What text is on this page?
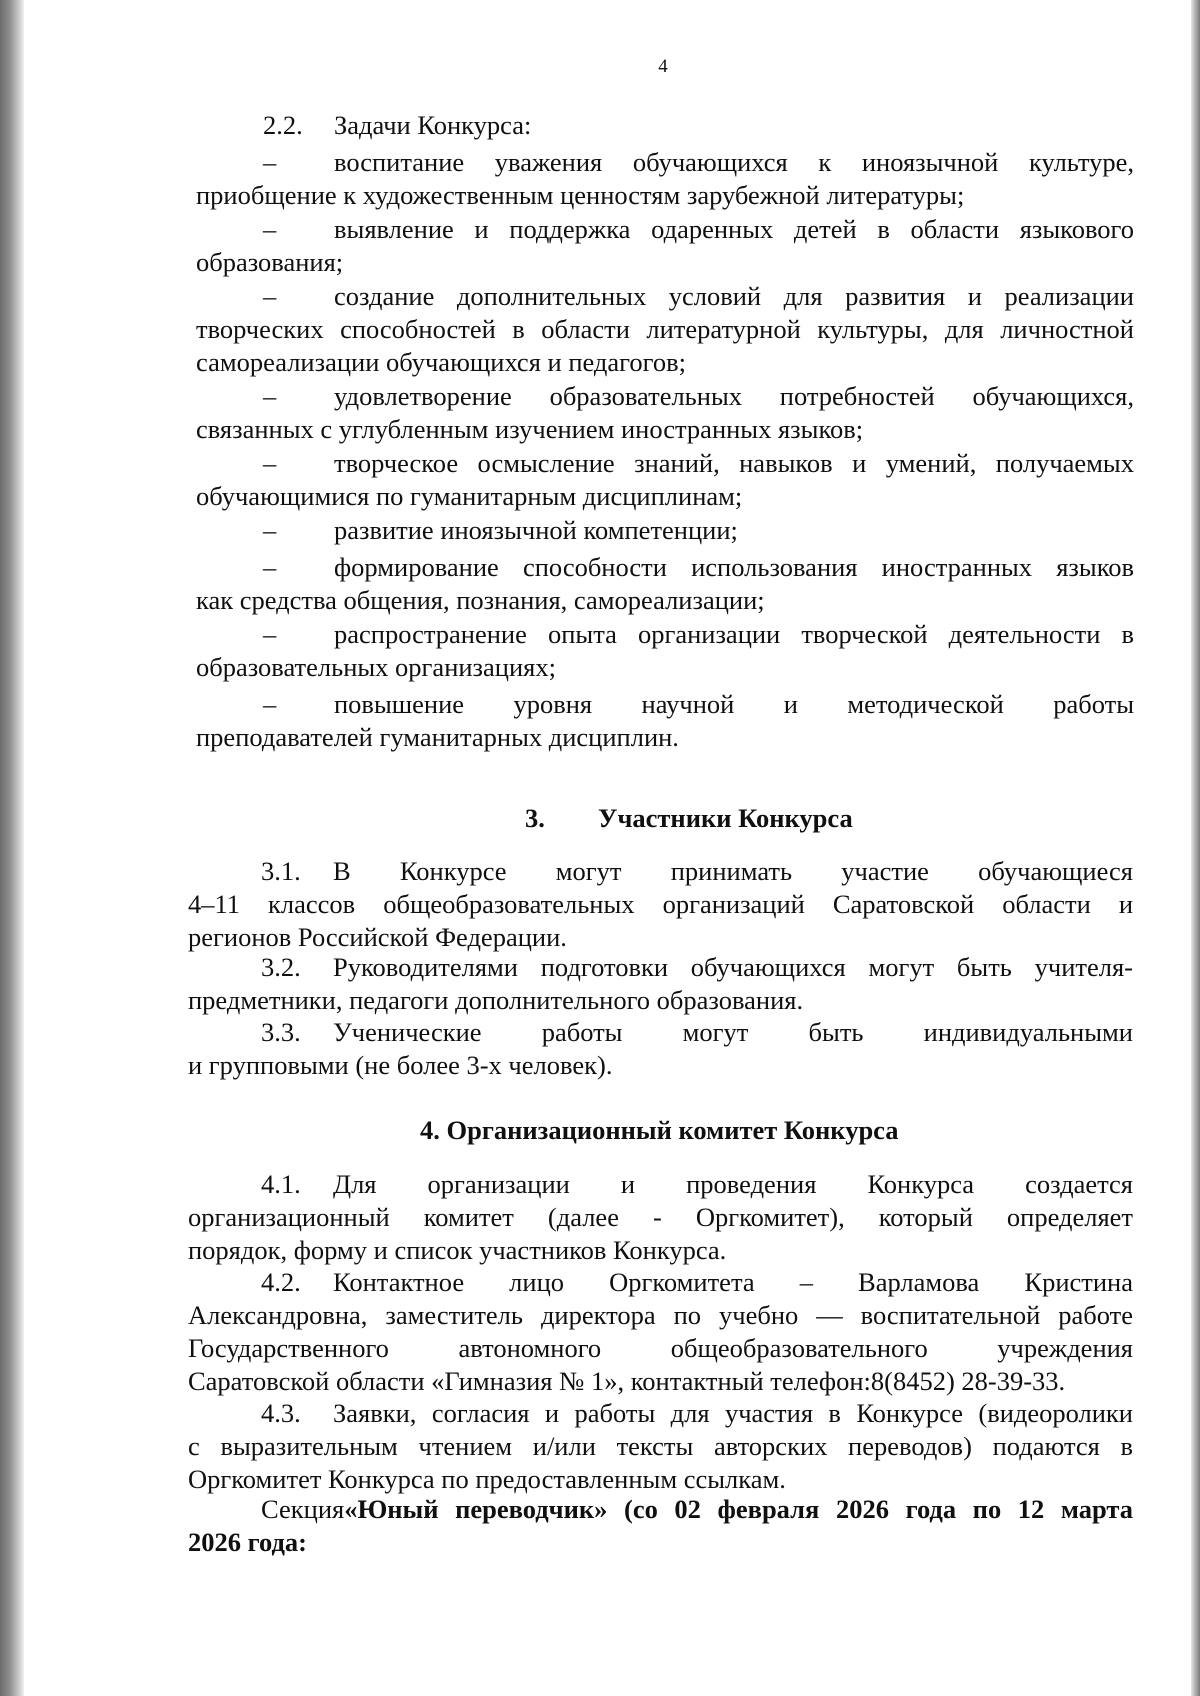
4
2.2. Задачи Конкурса:
– воспитание уважения обучающихся к иноязычной культуре,
приобщение к художественным ценностям зарубежной литературы;
– выявление и поддержка одаренных детей в области языкового
образования;
– создание дополнительных условий для развития и реализации
творческих способностей в области литературной культуры, для личностной
самореализации обучающихся и педагогов;
– удовлетворение образовательных потребностей обучающихся,
связанных с углубленным изучением иностранных языков;
– творческое осмысление знаний, навыков и умений, получаемых
обучающимися по гуманитарным дисциплинам;
– развитие иноязычной компетенции;
– формирование способности использования иностранных языков
как средства общения, познания, самореализации;
– распространение опыта организации творческой деятельности в
образовательных организациях;
– повышение уровня научной и методической работы
преподавателей гуманитарных дисциплин.
3. Участники Конкурса
3.1. В Конкурсе могут принимать участие обучающиеся
4–11 классов общеобразовательных организаций Саратовской области и
регионов Российской Федерации.
3.2. Руководителями подготовки обучающихся могут быть учителя-
предметники, педагоги дополнительного образования.
3.3. Ученические работы могут быть индивидуальными
и групповыми (не более 3-х человек).
4. Организационный комитет Конкурса
4.1. Для организации и проведения Конкурса создается
организационный комитет (далее - Оргкомитет), который определяет
порядок, форму и список участников Конкурса.
4.2. Контактное лицо Оргкомитета – Варламова Кристина
Александровна, заместитель директора по учебно — воспитательной работе
Государственного автономного общеобразовательного учреждения
Саратовской области «Гимназия № 1», контактный телефон:8(8452) 28-39-33.
4.3. Заявки, согласия и работы для участия в Конкурсе (видеоролики
с выразительным чтением и/или тексты авторских переводов) подаются в
Оргкомитет Конкурса по предоставленным ссылкам.
Секция «Юный переводчик» (со 02 февраля 2026 года по 12 марта
2026 года:
